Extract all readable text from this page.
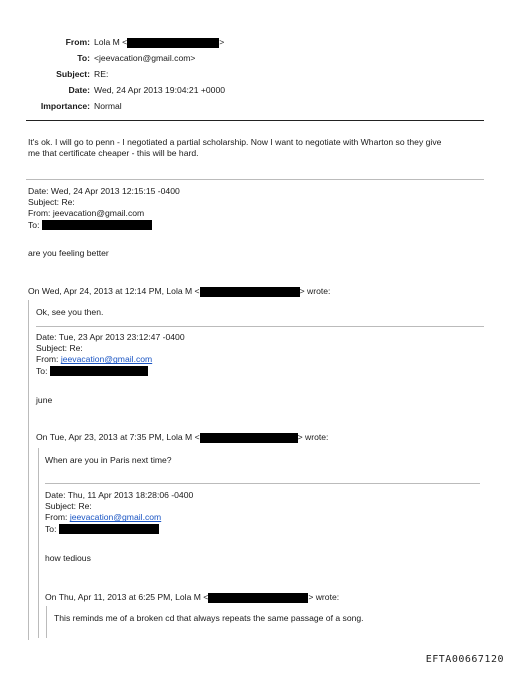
From: Lola M <	>
To: <jeevacation@gmail.com>
Subject: RE:
Date: Wed, 24 Apr 2013 19:04:21 +0000
Importance: Normal
It's ok. I will go to penn - I negotiated a partial scholarship. Now I want to negotiate with Wharton so they give
me that certificate cheaper - this will be hard.
Date: Wed, 24 Apr 2013 12:15:15 -0400
Subject: Re:
From: jeevacation@gmail.com
To:
are you feeling better
On Wed, Apr 24, 2013 at 12:14 PM, Lola M <	> wrote:
Ok, see you then.
Date: Tue, 23 Apr 2013 23:12:47 -0400
Subject: Re:
From: jeevacation@gmail.com
To:
june
On Tue, Apr 23, 2013 at 7:35 PM, Lola M <	> wrote:
When are you in Paris next time?
Date: Thu, 11 Apr 2013 18:28:06 -0400
Subject: Re:
From: jeevacation@gmail.com
To:
how tedious
On Thu, Apr 11, 2013 at 6:25 PM, Lola M <	> wrote:
This reminds me of a broken cd that always repeats the same passage of a song.
EFTA00667120
